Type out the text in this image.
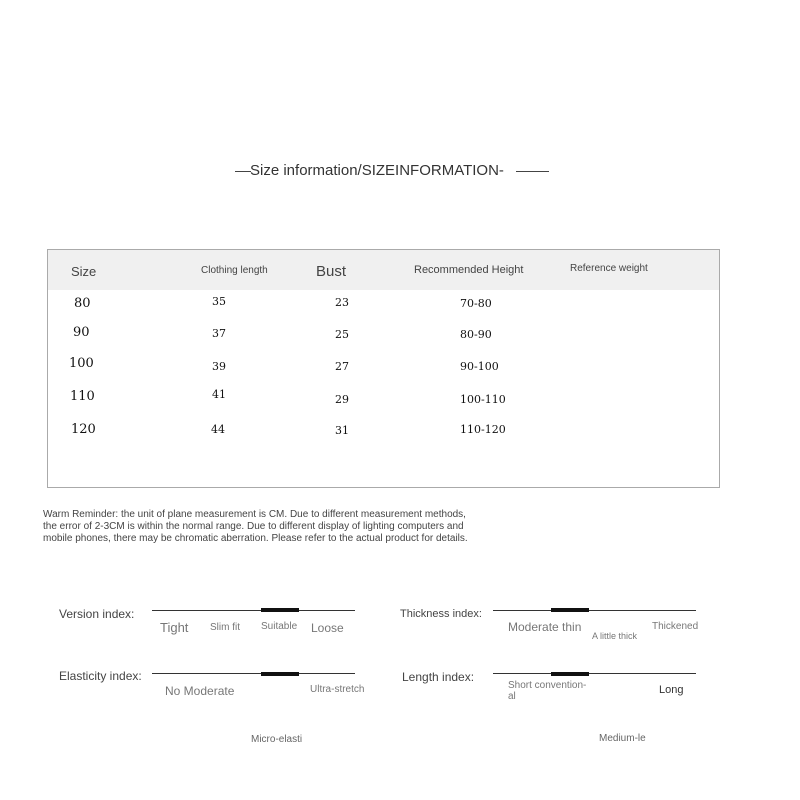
Size information/SIZEINFORMATION-
Size	Clothing length	Bust	Recommended Height	Reference weight
80	35	23	70-80
90	37	25	80-90
100	39	27	90-100
110	41	29	100-110
120	44	31	110-120
Warm Reminder: the unit of plane measurement is CM. Due to different measurement methods,
the error of 2-3CM is within the normal range. Due to different display of lighting computers and
mobile phones, there may be chromatic aberration. Please refer to the actual product for details.
Version index:
Tight Slim fit Suitable Loose
Thickness index:
Moderate thin
A little thick
Thickened
Elasticity index:
No Moderate	Ultra-stretch
Micro-elasti
Length index:
Short convention-
al
Long
Medium-le
